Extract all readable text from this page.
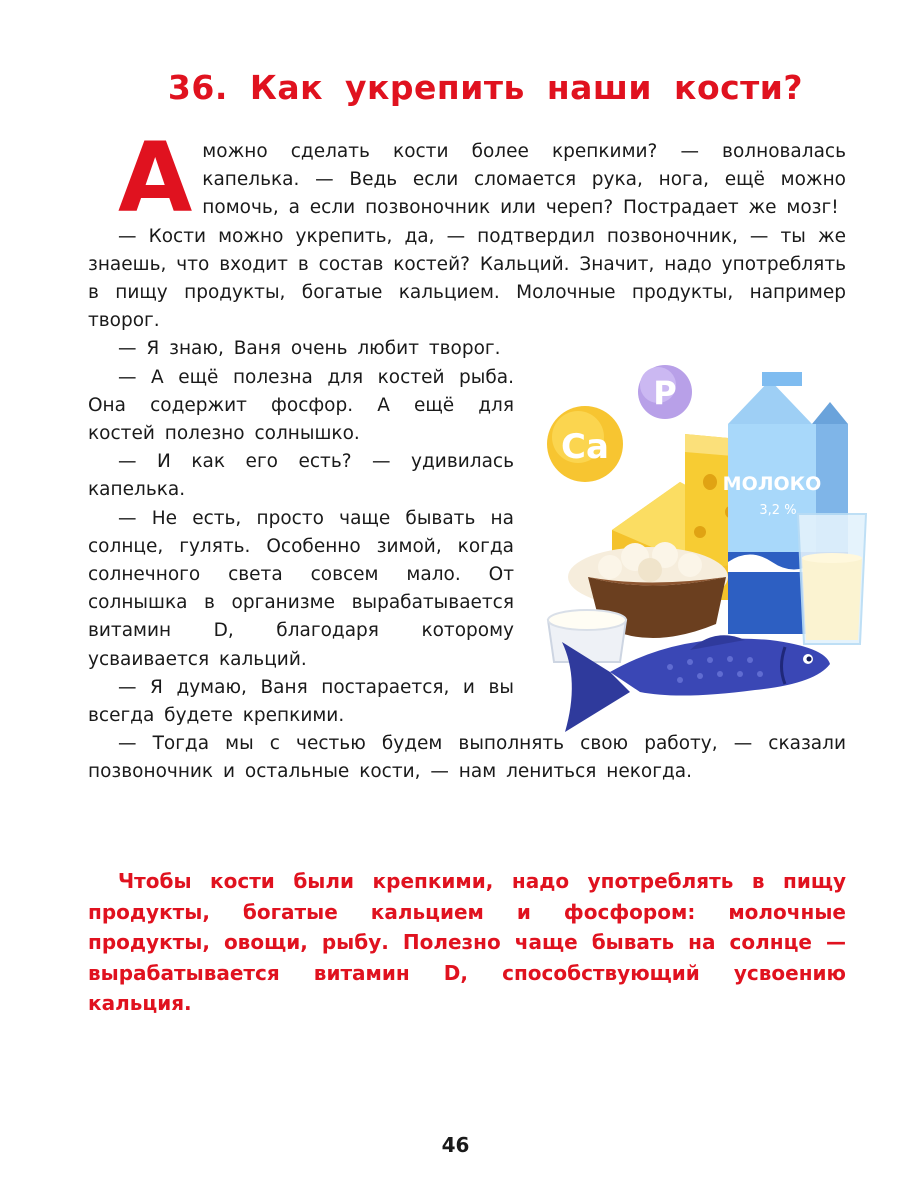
36. Как укрепить наши кости?

Аможно сделать кости более крепкими? — волновалась капелька. — Ведь если сломается рука, нога, ещё можно помочь, а если позвоночник или череп? Пострадает же мозг!

— Кости можно укрепить, да, — подтвердил позвоночник, — ты же знаешь, что входит в состав костей? Кальций. Значит, надо употреблять в пищу продукты, богатые кальцием. Молочные продукты, например творог.

— Я знаю, Ваня очень любит творог.

— А ещё полезна для костей рыба. Она содержит фосфор. А ещё для костей полезно солнышко.

— И как его есть? — удивилась капелька.

— Не есть, просто чаще бывать на солнце, гулять. Особенно зимой, когда солнечного света совсем мало. От солнышка в организме вырабатывается витамин D, благодаря которому усваивается кальций.

— Я думаю, Ваня постарается, и вы всегда будете крепкими.

— Тогда мы с честью будем выполнять свою работу, — сказали позвоночник и остальные кости, — нам лениться некогда.

P
Ca
МОЛОКО
3,2 %

Чтобы кости были крепкими, надо употреблять в пищу продукты, богатые кальцием и фосфором: молочные продукты, овощи, рыбу. Полезно чаще бывать на солнце — вырабатывается витамин D, способствующий усвоению кальция.

46
